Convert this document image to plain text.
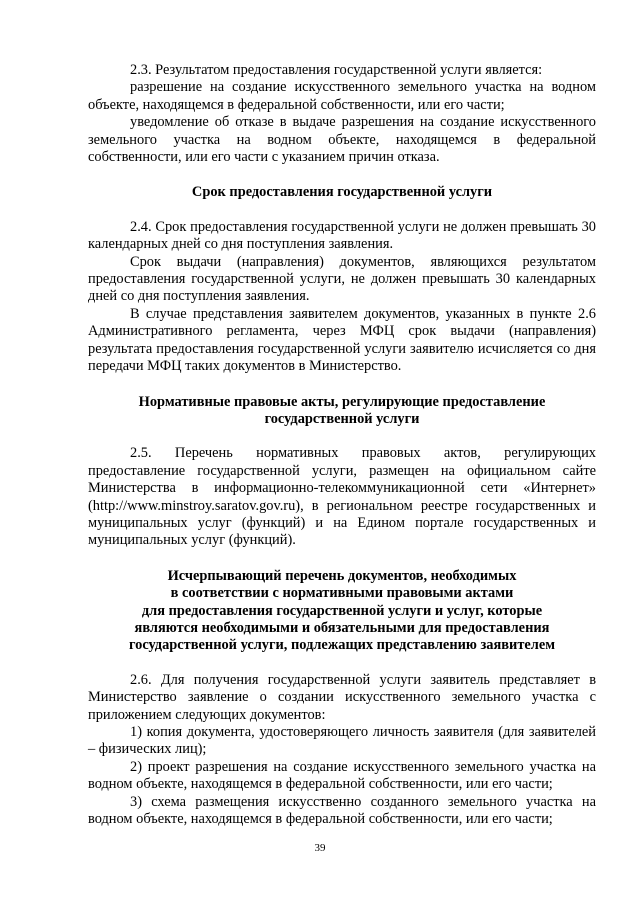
2.3. Результатом предоставления государственной услуги является:

разрешение на создание искусственного земельного участка на водном объекте, находящемся в федеральной собственности, или его части;

уведомление об отказе в выдаче разрешения на создание искусственного земельного участка на водном объекте, находящемся в федеральной собственности, или его части с указанием причин отказа.

Срок предоставления государственной услуги

2.4. Срок предоставления государственной услуги не должен превышать 30 календарных дней со дня поступления заявления.

Срок выдачи (направления) документов, являющихся результатом предоставления государственной услуги, не должен превышать 30 календарных дней со дня поступления заявления.

В случае представления заявителем документов, указанных в пункте 2.6 Административного регламента, через МФЦ срок выдачи (направления) результата предоставления государственной услуги заявителю исчисляется со дня передачи МФЦ таких документов в Министерство.

Нормативные правовые акты, регулирующие предоставление
государственной услуги

2.5. Перечень нормативных правовых актов, регулирующих предоставление государственной услуги, размещен на официальном сайте Министерства в информационно-телекоммуникационной сети «Интернет» (http://www.minstroy.saratov.gov.ru), в региональном реестре государственных и муниципальных услуг (функций) и на Едином портале государственных и муниципальных услуг (функций).

Исчерпывающий перечень документов, необходимых
в соответствии с нормативными правовыми актами
для предоставления государственной услуги и услуг, которые
являются необходимыми и обязательными для предоставления
государственной услуги, подлежащих представлению заявителем

2.6. Для получения государственной услуги заявитель представляет в Министерство заявление о создании искусственного земельного участка с приложением следующих документов:

1) копия документа, удостоверяющего личность заявителя (для заявителей – физических лиц);

2) проект разрешения на создание искусственного земельного участка на водном объекте, находящемся в федеральной собственности, или его части;

3) схема размещения искусственно созданного земельного участка на водном объекте, находящемся в федеральной собственности, или его части;

39
